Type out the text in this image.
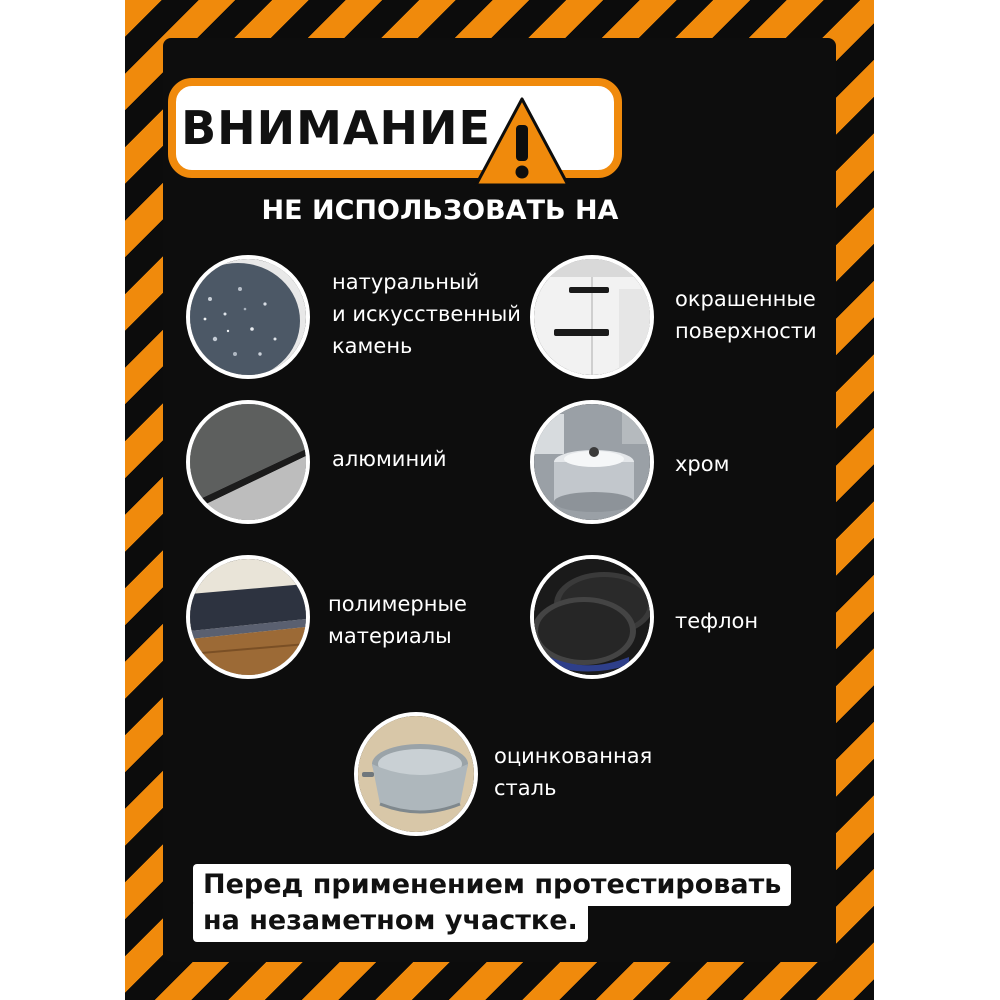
ВНИМАНИЕ
НЕ ИСПОЛЬЗОВАТЬ НА
натуральный
и искусственный
камень
окрашенные
поверхности
алюминий	хром
полимерные
материалы
тефлон
оцинкованная
сталь
Перед применением протестировать
на незаметном участке.
